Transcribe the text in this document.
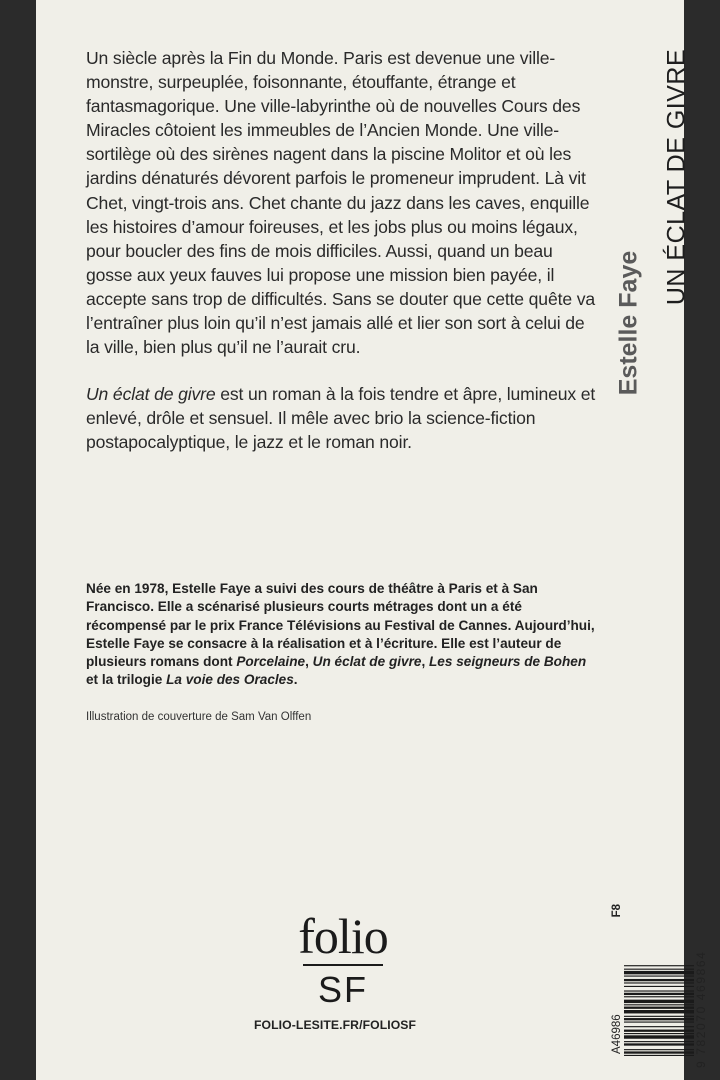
Un siècle après la Fin du Monde. Paris est devenue une ville-monstre, surpeuplée, foisonnante, étouffante, étrange et fantasmagorique. Une ville-labyrinthe où de nouvelles Cours des Miracles côtoient les immeubles de l’Ancien Monde. Une ville-sortilège où des sirènes nagent dans la piscine Molitor et où les jardins dénaturés dévorent parfois le promeneur imprudent. Là vit Chet, vingt-trois ans. Chet chante du jazz dans les caves, enquille les histoires d’amour foireuses, et les jobs plus ou moins légaux, pour boucler des fins de mois difficiles. Aussi, quand un beau gosse aux yeux fauves lui propose une mission bien payée, il accepte sans trop de difficultés. Sans se douter que cette quête va l’entraîner plus loin qu’il n’est jamais allé et lier son sort à celui de la ville, bien plus qu’il ne l’aurait cru.

Un éclat de givre est un roman à la fois tendre et âpre, lumineux et enlevé, drôle et sensuel. Il mêle avec brio la science-fiction postapocalyptique, le jazz et le roman noir.

Née en 1978, Estelle Faye a suivi des cours de théâtre à Paris et à San Francisco. Elle a scénarisé plusieurs courts métrages dont un a été récompensé par le prix France Télévisions au Festival de Cannes. Aujourd’hui, Estelle Faye se consacre à la réalisation et à l’écriture. Elle est l’auteur de plusieurs romans dont Porcelaine, Un éclat de givre, Les seigneurs de Bohen et la trilogie La voie des Oracles.
Illustration de couverture de Sam Van Olffen
Estelle Faye
UN ÉCLAT DE GIVRE
folio
SF
FOLIO-LESITE.FR/FOLIOSF	A46986
F8
9 782070 469864
